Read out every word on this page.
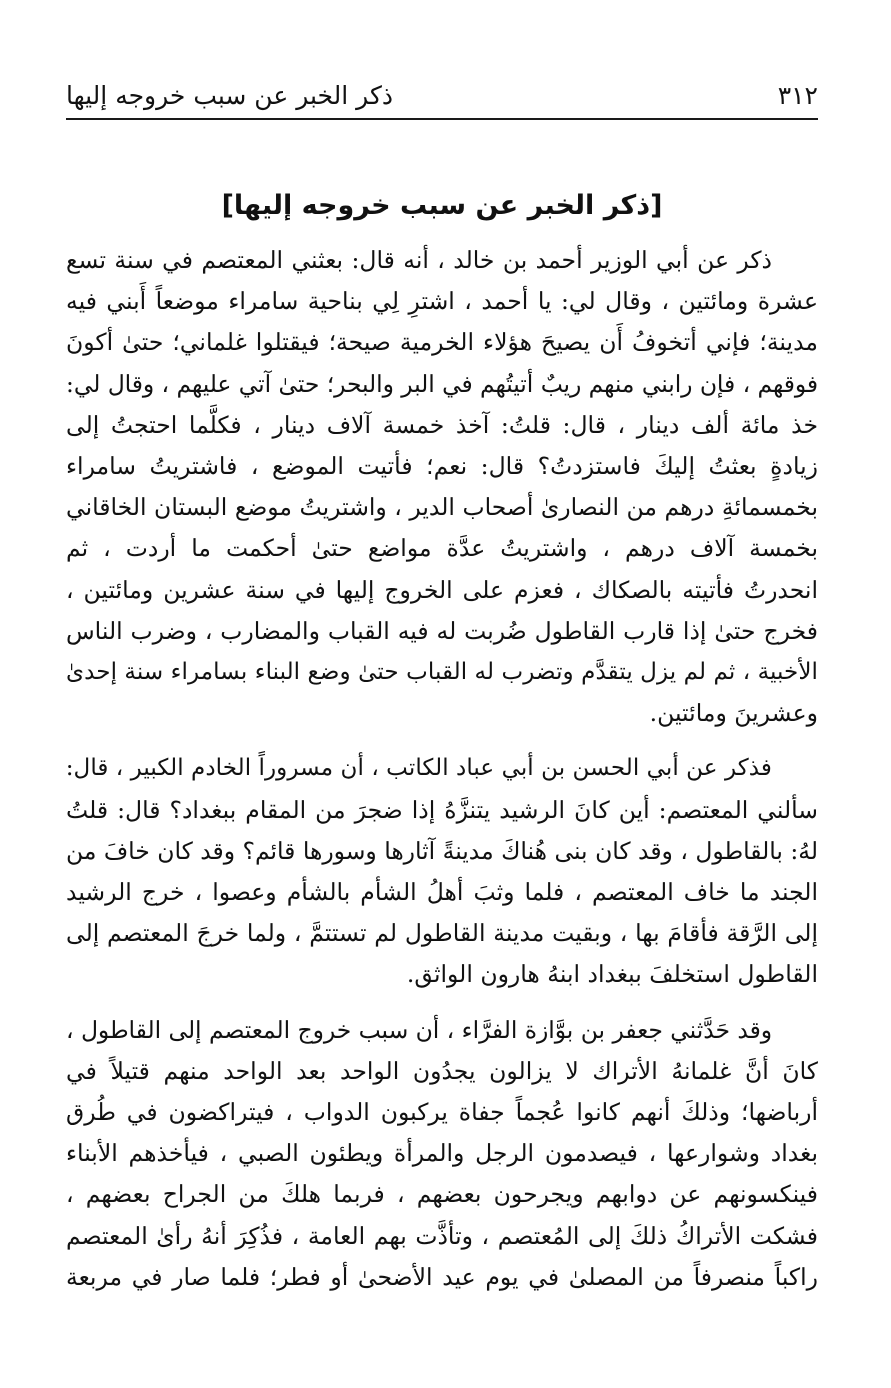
٣١٢
ذكر الخبر عن سبب خروجه إليها
[ذكر الخبر عن سبب خروجه إليها]
ذكر عن أبي الوزير أحمد بن خالد ، أنه قال: بعثني المعتصم في سنة تسع
عشرة ومائتين ، وقال لي: يا أحمد ، اشترِ لِي بناحية سامراء موضعاً أَبني فيه
مدينة؛ فإني أتخوفُ أَن يصيحَ هؤلاء الخرمية صيحة؛ فيقتلوا غلماني؛ حتىٰ أكونَ
فوقهم ، فإن رابني منهم ريبٌ أتيتُهم في البر والبحر؛ حتىٰ آتي عليهم ، وقال لي:
خذ مائة ألف دينار ، قال: قلتُ: آخذ خمسة آلاف دينار ، فكلَّما احتجتُ إلى
زيادةٍ بعثتُ إليكَ فاستزدتُ؟ قال: نعم؛ فأتيت الموضع ، فاشتريتُ سامراء
بخمسمائةِ درهم من النصارىٰ أصحاب الدير ، واشتريتُ موضع البستان الخاقاني
بخمسة آلاف درهم ، واشتريتُ عدَّة مواضع حتىٰ أحكمت ما أردت ، ثم
انحدرتُ فأتيته بالصكاك ، فعزم على الخروج إليها في سنة عشرين ومائتين ،
فخرج حتىٰ إذا قارب القاطول ضُربت له فيه القباب والمضارب ، وضرب الناس
الأخبية ، ثم لم يزل يتقدَّم وتضرب له القباب حتىٰ وضع البناء بسامراء سنة إحدىٰ
وعشرينَ ومائتين.
فذكر عن أبي الحسن بن أبي عباد الكاتب ، أن مسروراً الخادم الكبير ، قال:
سألني المعتصم: أين كانَ الرشيد يتنزَّهُ إذا ضجرَ من المقام ببغداد؟ قال: قلتُ
لهُ: بالقاطول ، وقد كان بنى هُناكَ مدينةً آثارها وسورها قائم؟ وقد كان خافَ من
الجند ما خاف المعتصم ، فلما وثبَ أهلُ الشأم بالشأم وعصوا ، خرج الرشيد
إلى الرَّقة فأقامَ بها ، وبقيت مدينة القاطول لم تستتمَّ ، ولما خرجَ المعتصم إلى
القاطول استخلفَ ببغداد ابنهُ هارون الواثق.
وقد حَدَّثني جعفر بن بوَّازة الفرَّاء ، أن سبب خروج المعتصم إلى القاطول ،
كانَ أنَّ غلمانهُ الأتراك لا يزالون يجدُون الواحد بعد الواحد منهم قتيلاً في
أرباضها؛ وذلكَ أنهم كانوا عُجماً جفاة يركبون الدواب ، فيتراكضون في طُرق
بغداد وشوارعها ، فيصدمون الرجل والمرأة ويطئون الصبي ، فيأخذهم الأبناء
فينكسونهم عن دوابهم ويجرحون بعضهم ، فربما هلكَ من الجراح بعضهم ،
فشكت الأتراكُ ذلكَ إلى المُعتصم ، وتأذَّت بهم العامة ، فذُكِرَ أنهُ رأىٰ المعتصم
راكباً منصرفاً من المصلىٰ في يوم عيد الأضحىٰ أو فطر؛ فلما صار في مربعة
